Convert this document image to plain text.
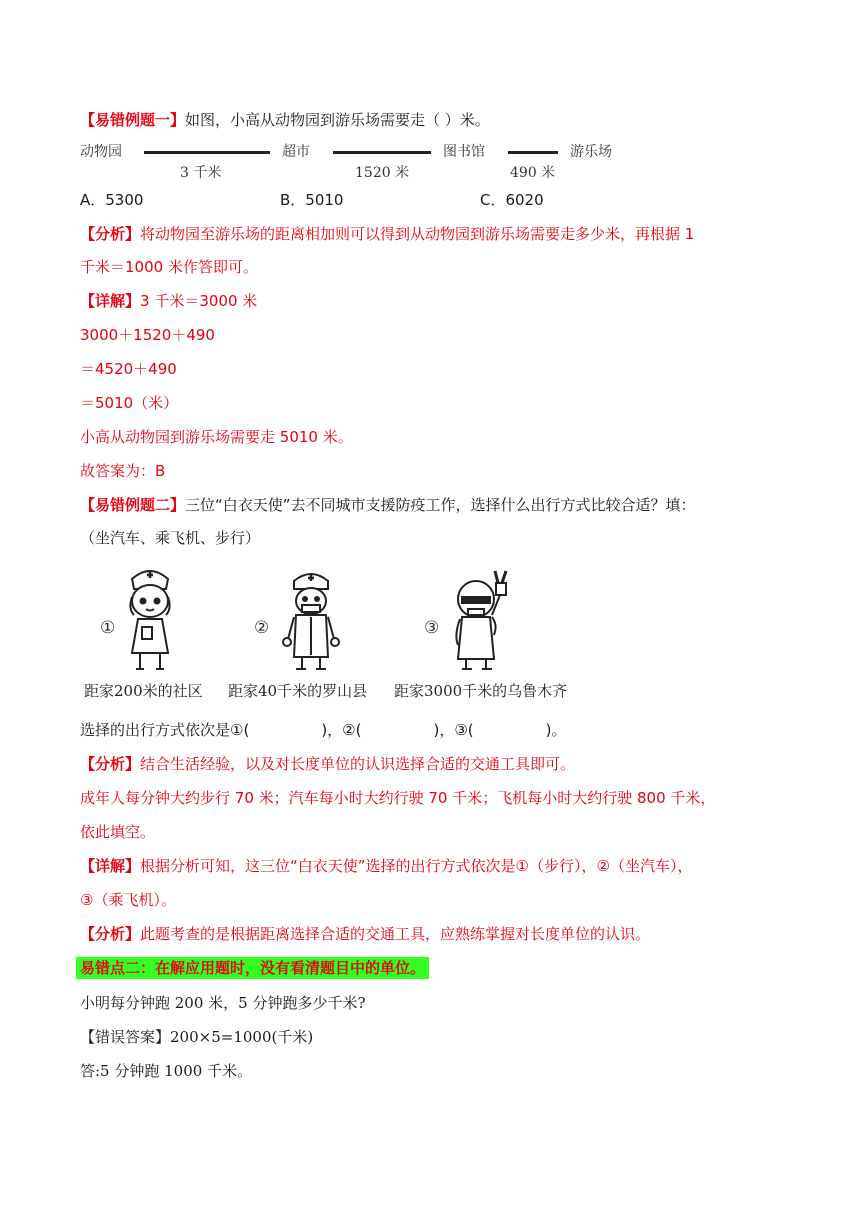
【易错例题一】如图，小高从动物园到游乐场需要走（ ）米。
动物园	超市	图书馆	游乐场
3 千米	1520 米	490 米
A．5300	B．5010	C．6020
【分析】将动物园至游乐场的距离相加则可以得到从动物园到游乐场需要走多少米，再根据 1
千米＝1000 米作答即可。
【详解】3 千米＝3000 米
3000＋1520＋490
＝4520＋490
＝5010（米）
小高从动物园到游乐场需要走 5010 米。
故答案为：B
【易错例题二】三位“白衣天使”去不同城市支援防疫工作，选择什么出行方式比较合适？填：
（坐汽车、乘飞机、步行）
①	②	③
距家200米的社区 距家40千米的罗山县 距家3000千米的乌鲁木齐
选择的出行方式依次是①(	)，②(	)，③(	)。
【分析】结合生活经验，以及对长度单位的认识选择合适的交通工具即可。
成年人每分钟大约步行 70 米；汽车每小时大约行驶 70 千米；飞机每小时大约行驶 800 千米，
依此填空。
【详解】根据分析可知，这三位“白衣天使”选择的出行方式依次是①（步行），②（坐汽车），
③（乘飞机）。
【分析】此题考查的是根据距离选择合适的交通工具，应熟练掌握对长度单位的认识。
易错点二：在解应用题时，没有看清题目中的单位。
小明每分钟跑 200 米，5 分钟跑多少千米?
【错误答案】200×5=1000(千米)
答:5 分钟跑 1000 千米。
